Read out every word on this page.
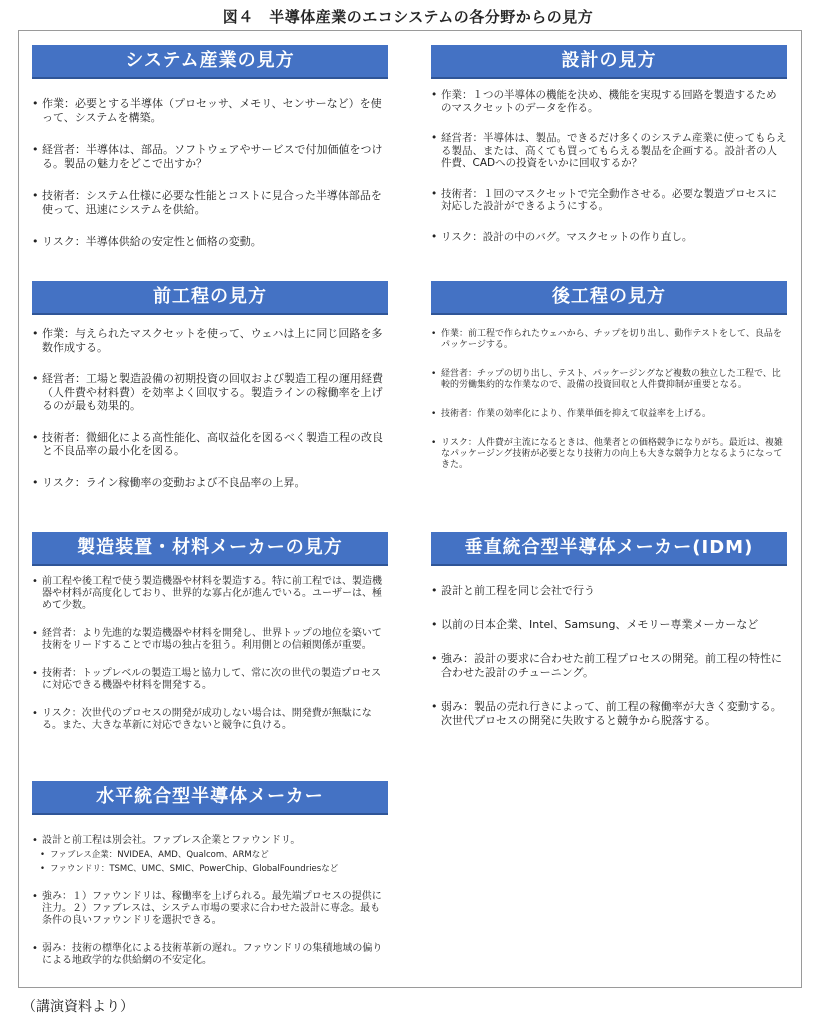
図４　半導体産業のエコシステムの各分野からの見方
システム産業の見方
• 作業：必要とする半導体（プロセッサ、メモリ、センサーなど）を使って、システムを構築。
• 経営者：半導体は、部品。ソフトウェアやサービスで付加価値をつける。製品の魅力をどこで出すか？
• 技術者：システム仕様に必要な性能とコストに見合った半導体部品を使って、迅速にシステムを供給。
• リスク：半導体供給の安定性と価格の変動。
設計の見方
• 作業：１つの半導体の機能を決め、機能を実現する回路を製造するためのマスクセットのデータを作る。
• 経営者：半導体は、製品。できるだけ多くのシステム産業に使ってもらえる製品、または、高くても買ってもらえる製品を企画する。設計者の人件費、CADへの投資をいかに回収するか？
• 技術者：１回のマスクセットで完全動作させる。必要な製造プロセスに対応した設計ができるようにする。
• リスク：設計の中のバグ。マスクセットの作り直し。
前工程の見方
• 作業：与えられたマスクセットを使って、ウェハは上に同じ回路を多数作成する。
• 経営者：工場と製造設備の初期投資の回収および製造工程の運用経費（人件費や材料費）を効率よく回収する。製造ラインの稼働率を上げるのが最も効果的。
• 技術者：微細化による高性能化、高収益化を図るべく製造工程の改良と不良品率の最小化を図る。
• リスク：ライン稼働率の変動および不良品率の上昇。
後工程の見方
• 作業：前工程で作られたウェハから、チップを切り出し、動作テストをして、良品をパッケージする。
• 経営者：チップの切り出し、テスト、パッケージングなど複数の独立した工程で、比較的労働集約的な作業なので、設備の投資回収と人件費抑制が重要となる。
• 技術者：作業の効率化により、作業単価を抑えて収益率を上げる。
• リスク：人件費が主流になるときは、他業者との価格競争になりがち。最近は、複雑なパッケージング技術が必要となり技術力の向上も大きな競争力となるようになってきた。
製造装置・材料メーカーの見方
• 前工程や後工程で使う製造機器や材料を製造する。特に前工程では、製造機器や材料が高度化しており、世界的な寡占化が進んでいる。ユーザーは、極めて少数。
• 経営者：より先進的な製造機器や材料を開発し、世界トップの地位を築いて技術をリードすることで市場の独占を狙う。利用側との信頼関係が重要。
• 技術者：トップレベルの製造工場と協力して、常に次の世代の製造プロセスに対応できる機器や材料を開発する。
• リスク：次世代のプロセスの開発が成功しない場合は、開発費が無駄になる。また、大きな革新に対応できないと競争に負ける。
垂直統合型半導体メーカー(IDM)
• 設計と前工程を同じ会社で行う
• 以前の日本企業、Intel、Samsung、メモリー専業メーカーなど
• 強み：設計の要求に合わせた前工程プロセスの開発。前工程の特性に合わせた設計のチューニング。
• 弱み：製品の売れ行きによって、前工程の稼働率が大きく変動する。次世代プロセスの開発に失敗すると競争から脱落する。
水平統合型半導体メーカー
• 設計と前工程は別会社。ファブレス企業とファウンドリ。
• ファブレス企業：NVIDEA、AMD、Qualcom、ARMなど
• ファウンドリ：TSMC、UMC、SMIC、PowerChip、GlobalFoundriesなど
• 強み：１）ファウンドリは、稼働率を上げられる。最先端プロセスの提供に注力。２）ファブレスは、システム市場の要求に合わせた設計に専念。最も条件の良いファウンドリを選択できる。
• 弱み：技術の標準化による技術革新の遅れ。ファウンドリの集積地域の偏りによる地政学的な供給網の不安定化。
（講演資料より）
